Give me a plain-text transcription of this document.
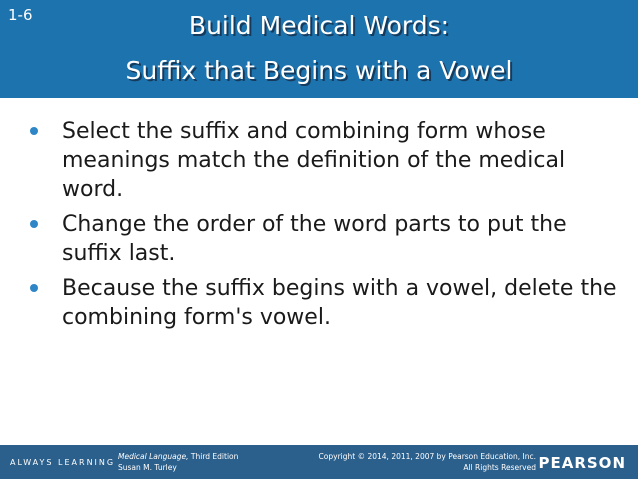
1-6	Build Medical Words:
Suffix that Begins with a Vowel
Select the suffix and combining form whose meanings match the definition of the medical word.
Change the order of the word parts to put the suffix last.
Because the suffix begins with a vowel, delete the combining form's vowel.
ALWAYS LEARNING
Medical Language, Third Edition
Susan M. Turley
Copyright © 2014, 2011, 2007 by Pearson Education, Inc.
All Rights Reserved PEARSON
